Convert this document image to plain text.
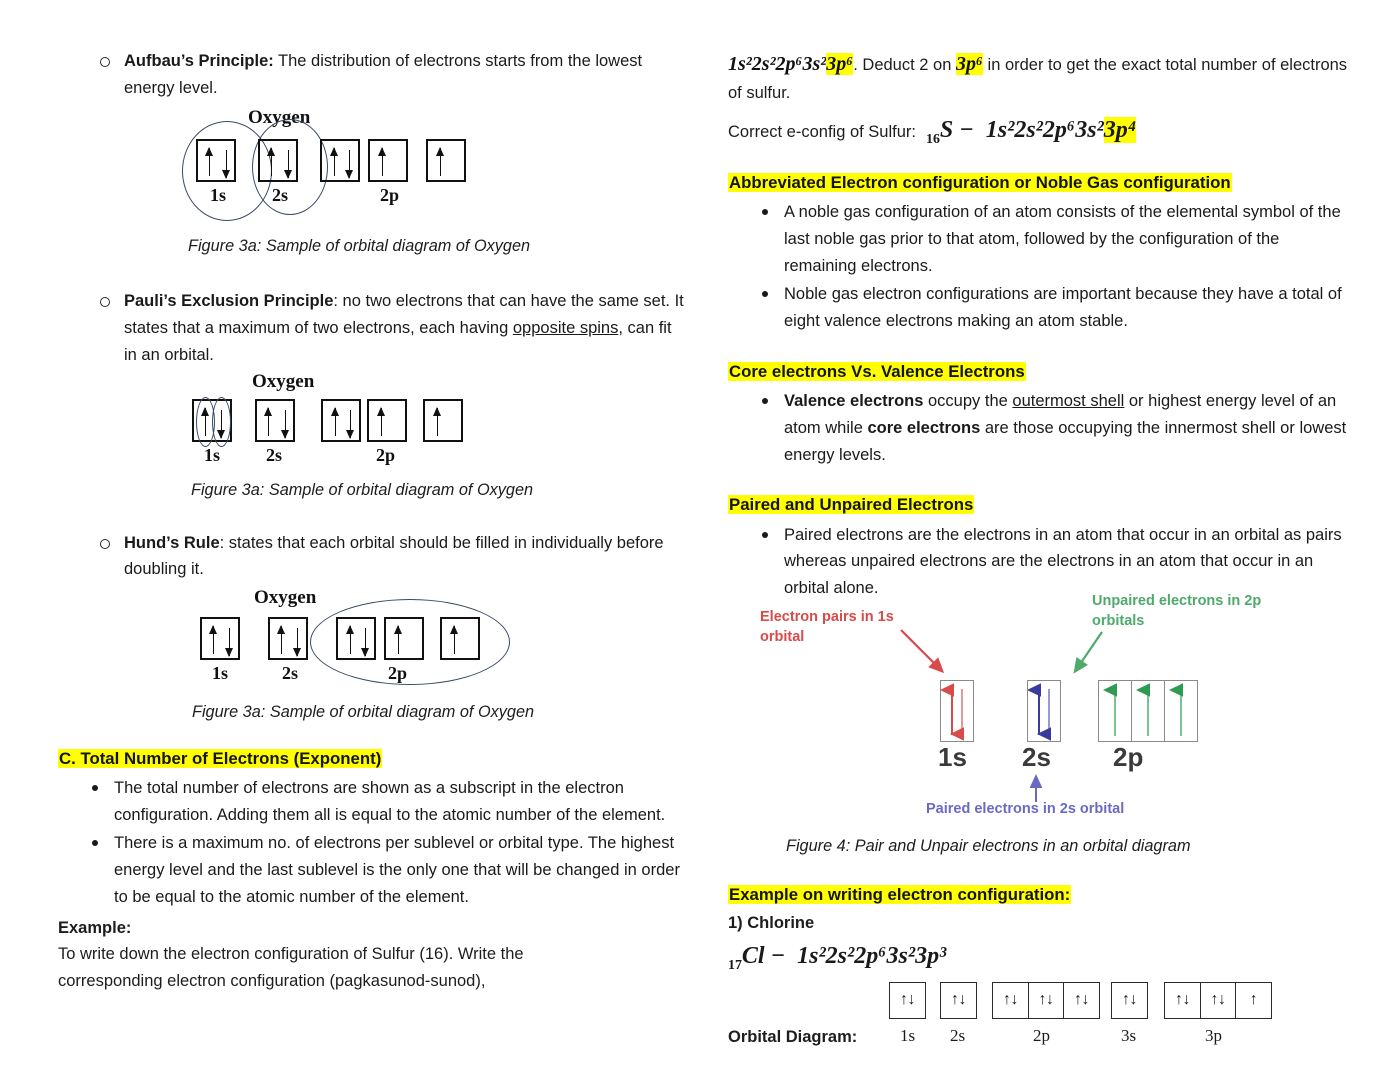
Aufbau’s Principle: The distribution of electrons starts from the lowest energy level.
Oxygen
1s	2s	2p
Figure 3a: Sample of orbital diagram of Oxygen
Pauli’s Exclusion Principle: no two electrons that can have the same set. It states that a maximum of two electrons, each having opposite spins, can fit in an orbital.
Oxygen
1s	2s	2p
Figure 3a: Sample of orbital diagram of Oxygen
Hund’s Rule: states that each orbital should be filled in individually before doubling it.
Oxygen
1s	2s	2p
Figure 3a: Sample of orbital diagram of Oxygen
C. Total Number of Electrons (Exponent)
The total number of electrons are shown as a subscript in the electron configuration. Adding them all is equal to the atomic number of the element.
There is a maximum no. of electrons per sublevel or orbital type. The highest energy level and the last sublevel is the only one that will be changed in order to be equal to the atomic number of the element.
Example:
To write down the electron configuration of Sulfur (16). Write the corresponding electron configuration (pagkasunod-sunod),
1s²2s²2p⁶3s²3p⁶. Deduct 2 on 3p⁶ in order to get the exact total number of electrons of sulfur.
Correct e-config of Sulfur: $_{16}$S − 1s²2s²2p⁶3s²3p⁴
Abbreviated Electron configuration or Noble Gas configuration
A noble gas configuration of an atom consists of the elemental symbol of the last noble gas prior to that atom, followed by the configuration of the remaining electrons.
Noble gas electron configurations are important because they have a total of eight valence electrons making an atom stable.
Core electrons Vs. Valence Electrons
Valence electrons occupy the outermost shell or highest energy level of an atom while core electrons are those occupying the innermost shell or lowest energy levels.
Paired and Unpaired Electrons
Paired electrons are the electrons in an atom that occur in an orbital as pairs whereas unpaired electrons are the electrons in an atom that occur in an orbital alone.
Electron pairs in 1s orbital
Unpaired electrons in 2p orbitals
1s 2s 2p
Paired electrons in 2s orbital
Figure 4: Pair and Unpair electrons in an orbital diagram
Example on writing electron configuration:
1) Chlorine
$_{17}$Cl − 1s²2s²2p⁶3s²3p³
Orbital Diagram:
↑↓
1s
↑↓
2s
↑↓	↑↓	↑↓
2p
↑↓
3s
↑↓	↑↓	↑
3p
